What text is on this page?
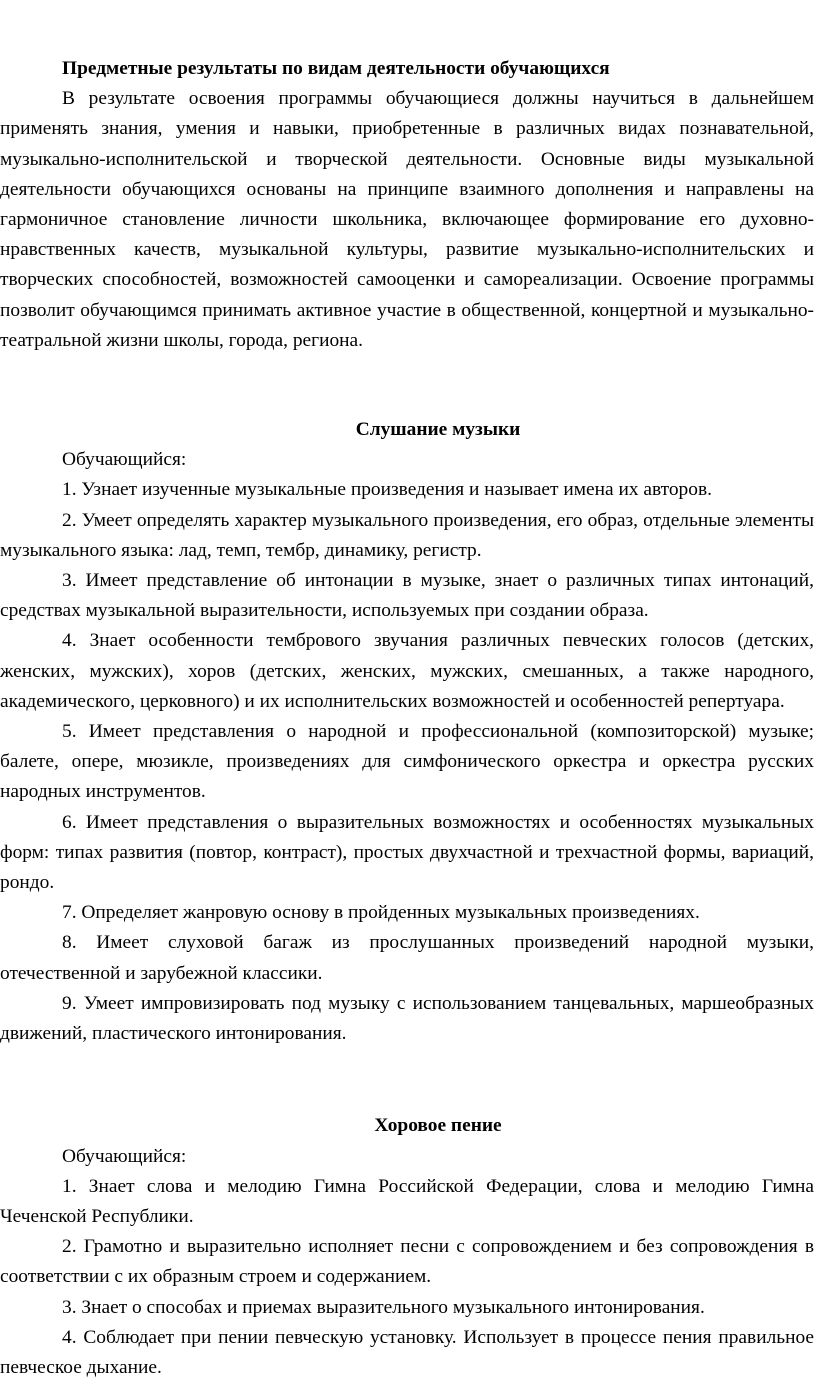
Предметные результаты по видам деятельности обучающихся

В результате освоения программы обучающиеся должны научиться в дальнейшем применять знания, умения и навыки, приобретенные в различных видах познавательной, музыкально-исполнительской и творческой деятельности. Основные виды музыкальной деятельности обучающихся основаны на принципе взаимного дополнения и направлены на гармоничное становление личности школьника, включающее формирование его духовно-нравственных качеств, музыкальной культуры, развитие музыкально-исполнительских и творческих способностей, возможностей самооценки и самореализации. Освоение программы позволит обучающимся принимать активное участие в общественной, концертной и музыкально-театральной жизни школы, города, региона.

Слушание музыки

Обучающийся:

1. Узнает изученные музыкальные произведения и называет имена их авторов.

2. Умеет определять характер музыкального произведения, его образ, отдельные элементы музыкального языка: лад, темп, тембр, динамику, регистр.

3. Имеет представление об интонации в музыке, знает о различных типах интонаций, средствах музыкальной выразительности, используемых при создании образа.

4. Знает особенности тембрового звучания различных певческих голосов (детских, женских, мужских), хоров (детских, женских, мужских, смешанных, а также народного, академического, церковного) и их исполнительских возможностей и особенностей репертуара.

5. Имеет представления о народной и профессиональной (композиторской) музыке; балете, опере, мюзикле, произведениях для симфонического оркестра и оркестра русских народных инструментов.

6. Имеет представления о выразительных возможностях и особенностях музыкальных форм: типах развития (повтор, контраст), простых двухчастной и трехчастной формы, вариаций, рондо.

7. Определяет жанровую основу в пройденных музыкальных произведениях.

8. Имеет слуховой багаж из прослушанных произведений народной музыки, отечественной и зарубежной классики.

9. Умеет импровизировать под музыку с использованием танцевальных, маршеобразных движений, пластического интонирования.

Хоровое пение

Обучающийся:

1. Знает слова и мелодию Гимна Российской Федерации, слова и мелодию Гимна Чеченской Республики.

2. Грамотно и выразительно исполняет песни с сопровождением и без сопровождения в соответствии с их образным строем и содержанием.

3. Знает о способах и приемах выразительного музыкального интонирования.

4. Соблюдает при пении певческую установку. Использует в процессе пения правильное певческое дыхание.
